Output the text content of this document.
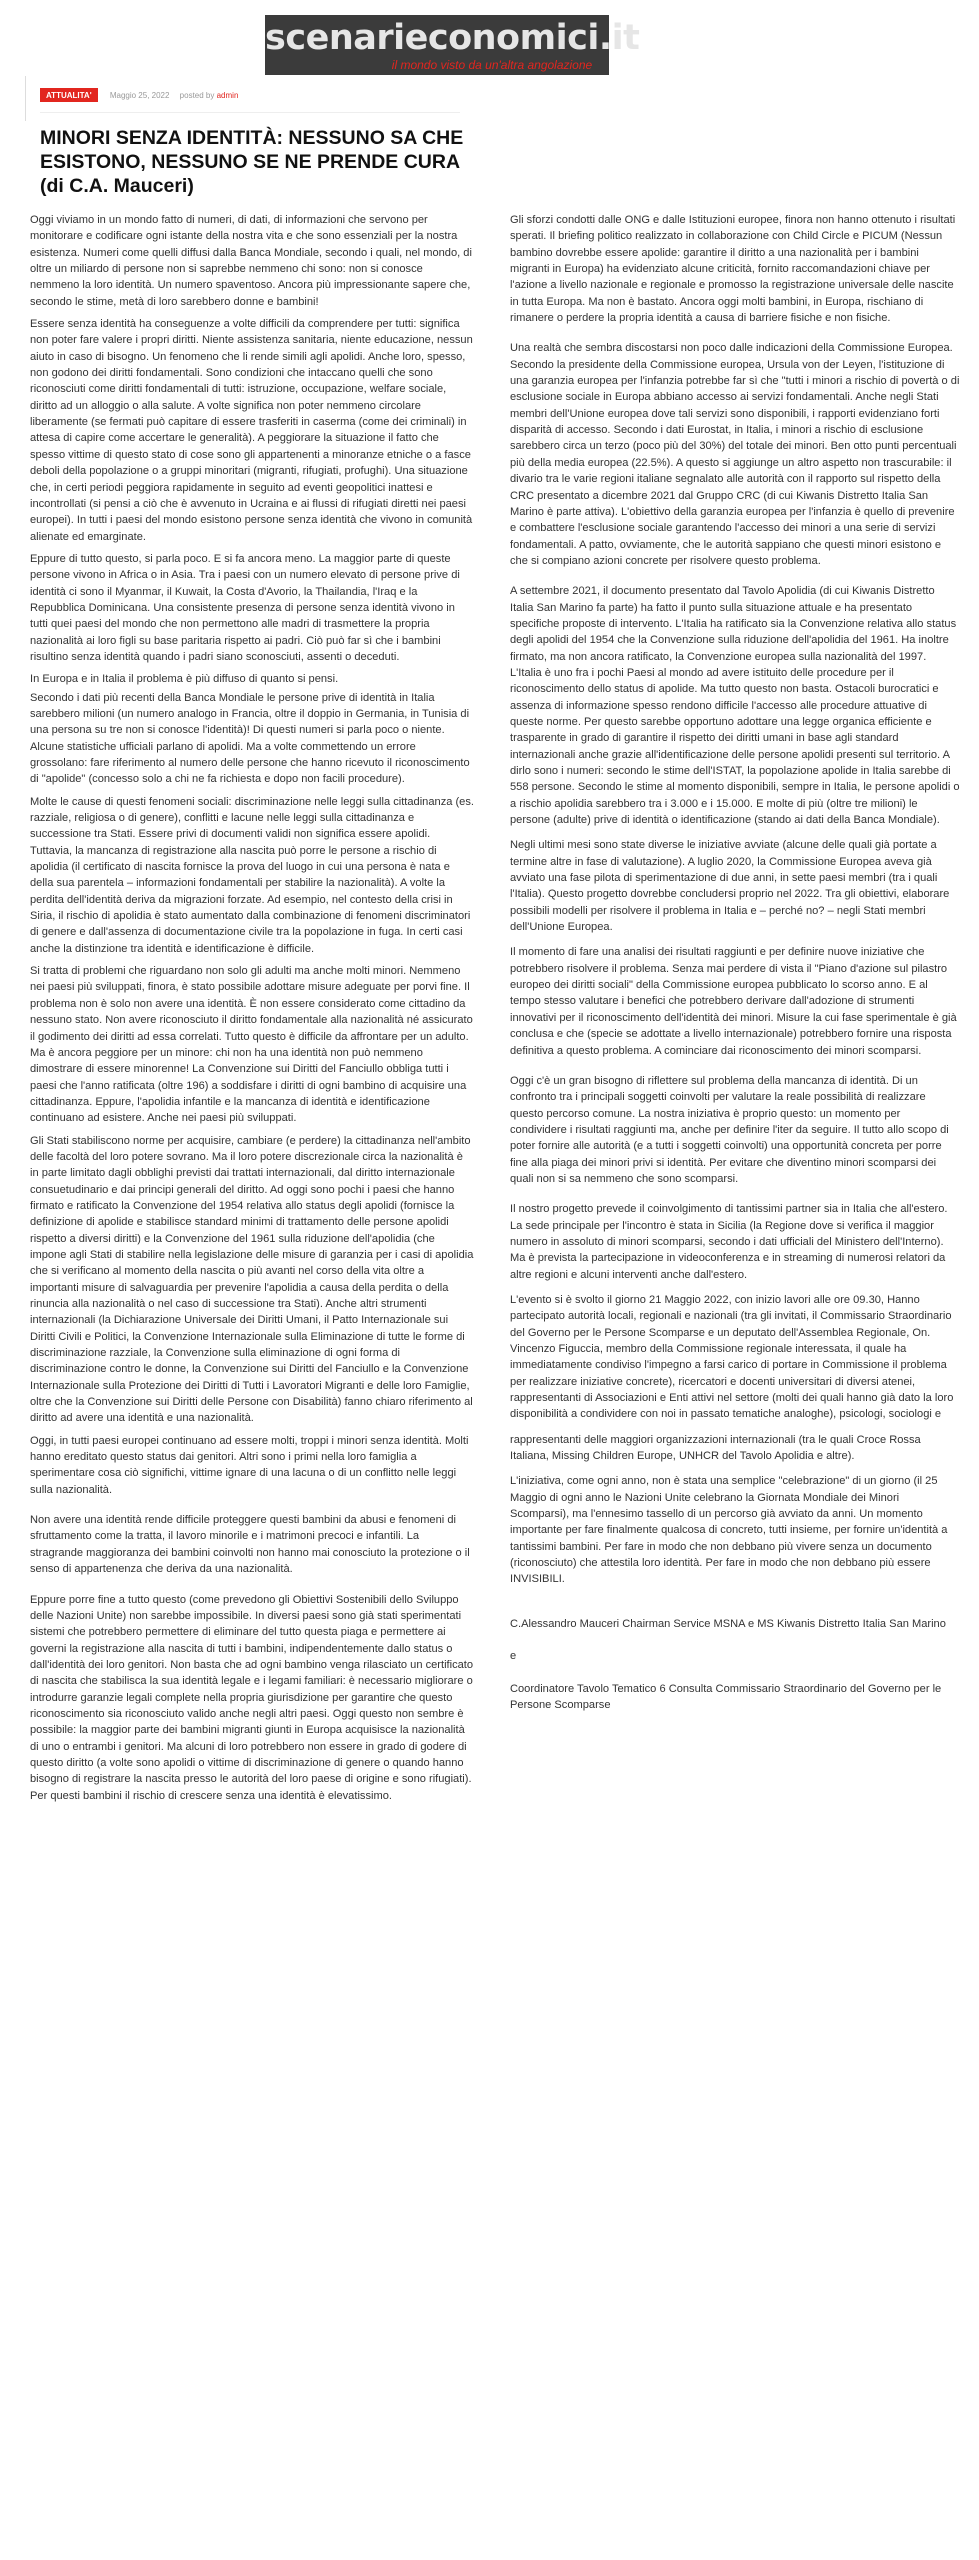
scenarieconomici.it
il mondo visto da un'altra angolazione
ATTUALITA' Maggio 25, 2022 posted by admin
MINORI SENZA IDENTITÀ: NESSUNO SA CHE ESISTONO, NESSUNO SE NE PRENDE CURA (di C.A. Mauceri)

Oggi viviamo in un mondo fatto di numeri, di dati, di informazioni che servono per monitorare e codificare ogni istante della nostra vita e che sono essenziali per la nostra esistenza. Numeri come quelli diffusi dalla Banca Mondiale, secondo i quali, nel mondo, di oltre un miliardo di persone non si saprebbe nemmeno chi sono: non si conosce nemmeno la loro identità. Un numero spaventoso. Ancora più impressionante sapere che, secondo le stime, metà di loro sarebbero donne e bambini!

Essere senza identità ha conseguenze a volte difficili da comprendere per tutti: significa non poter fare valere i propri diritti. Niente assistenza sanitaria, niente educazione, nessun aiuto in caso di bisogno. Un fenomeno che li rende simili agli apolidi. Anche loro, spesso, non godono dei diritti fondamentali. Sono condizioni che intaccano quelli che sono riconosciuti come diritti fondamentali di tutti: istruzione, occupazione, welfare sociale, diritto ad un alloggio o alla salute. A volte significa non poter nemmeno circolare liberamente (se fermati può capitare di essere trasferiti in caserma (come dei criminali) in attesa di capire come accertare le generalità). A peggiorare la situazione il fatto che spesso vittime di questo stato di cose sono gli appartenenti a minoranze etniche o a fasce deboli della popolazione o a gruppi minoritari (migranti, rifugiati, profughi). Una situazione che, in certi periodi peggiora rapidamente in seguito ad eventi geopolitici inattesi e incontrollati (si pensi a ciò che è avvenuto in Ucraina e ai flussi di rifugiati diretti nei paesi europei). In tutti i paesi del mondo esistono persone senza identità che vivono in comunità alienate ed emarginate.

Eppure di tutto questo, si parla poco. E si fa ancora meno. La maggior parte di queste persone vivono in Africa o in Asia. Tra i paesi con un numero elevato di persone prive di identità ci sono il Myanmar, il Kuwait, la Costa d'Avorio, la Thailandia, l'Iraq e la Repubblica Dominicana. Una consistente presenza di persone senza identità vivono in tutti quei paesi del mondo che non permettono alle madri di trasmettere la propria nazionalità ai loro figli su base paritaria rispetto ai padri. Ciò può far sì che i bambini risultino senza identità quando i padri siano sconosciuti, assenti o deceduti.

In Europa e in Italia il problema è più diffuso di quanto si pensi.

Secondo i dati più recenti della Banca Mondiale le persone prive di identità in Italia sarebbero milioni (un numero analogo in Francia, oltre il doppio in Germania, in Tunisia di una persona su tre non si conosce l'identità)! Di questi numeri si parla poco o niente. Alcune statistiche ufficiali parlano di apolidi. Ma a volte commettendo un errore grossolano: fare riferimento al numero delle persone che hanno ricevuto il riconoscimento di "apolide" (concesso solo a chi ne fa richiesta e dopo non facili procedure).

Molte le cause di questi fenomeni sociali: discriminazione nelle leggi sulla cittadinanza (es. razziale, religiosa o di genere), conflitti e lacune nelle leggi sulla cittadinanza e successione tra Stati. Essere privi di documenti validi non significa essere apolidi. Tuttavia, la mancanza di registrazione alla nascita può porre le persone a rischio di apolidia (il certificato di nascita fornisce la prova del luogo in cui una persona è nata e della sua parentela – informazioni fondamentali per stabilire la nazionalità). A volte la perdita dell'identità deriva da migrazioni forzate. Ad esempio, nel contesto della crisi in Siria, il rischio di apolidia è stato aumentato dalla combinazione di fenomeni discriminatori di genere e dall'assenza di documentazione civile tra la popolazione in fuga. In certi casi anche la distinzione tra identità e identificazione è difficile.

Si tratta di problemi che riguardano non solo gli adulti ma anche molti minori. Nemmeno nei paesi più sviluppati, finora, è stato possibile adottare misure adeguate per porvi fine. Il problema non è solo non avere una identità. È non essere considerato come cittadino da nessuno stato. Non avere riconosciuto il diritto fondamentale alla nazionalità né assicurato il godimento dei diritti ad essa correlati. Tutto questo è difficile da affrontare per un adulto. Ma è ancora peggiore per un minore: chi non ha una identità non può nemmeno dimostrare di essere minorenne! La Convenzione sui Diritti del Fanciullo obbliga tutti i paesi che l'anno ratificata (oltre 196) a soddisfare i diritti di ogni bambino di acquisire una cittadinanza. Eppure, l'apolidia infantile e la mancanza di identità e identificazione continuano ad esistere. Anche nei paesi più sviluppati.

Gli Stati stabiliscono norme per acquisire, cambiare (e perdere) la cittadinanza nell'ambito delle facoltà del loro potere sovrano. Ma il loro potere discrezionale circa la nazionalità è in parte limitato dagli obblighi previsti dai trattati internazionali, dal diritto internazionale consuetudinario e dai principi generali del diritto. Ad oggi sono pochi i paesi che hanno firmato e ratificato la Convenzione del 1954 relativa allo status degli apolidi (fornisce la definizione di apolide e stabilisce standard minimi di trattamento delle persone apolidi rispetto a diversi diritti) e la Convenzione del 1961 sulla riduzione dell'apolidia (che impone agli Stati di stabilire nella legislazione delle misure di garanzia per i casi di apolidia che si verificano al momento della nascita o più avanti nel corso della vita oltre a importanti misure di salvaguardia per prevenire l'apolidia a causa della perdita o della rinuncia alla nazionalità o nel caso di successione tra Stati). Anche altri strumenti internazionali (la Dichiarazione Universale dei Diritti Umani, il Patto Internazionale sui Diritti Civili e Politici, la Convenzione Internazionale sulla Eliminazione di tutte le forme di discriminazione razziale, la Convenzione sulla eliminazione di ogni forma di discriminazione contro le donne, la Convenzione sui Diritti del Fanciullo e la Convenzione Internazionale sulla Protezione dei Diritti di Tutti i Lavoratori Migranti e delle loro Famiglie, oltre che la Convenzione sui Diritti delle Persone con Disabilità) fanno chiaro riferimento al diritto ad avere una identità e una nazionalità.

Oggi, in tutti paesi europei continuano ad essere molti, troppi i minori senza identità. Molti hanno ereditato questo status dai genitori. Altri sono i primi nella loro famiglia a sperimentare cosa ciò significhi, vittime ignare di una lacuna o di un conflitto nelle leggi sulla nazionalità.

Non avere una identità rende difficile proteggere questi bambini da abusi e fenomeni di sfruttamento come la tratta, il lavoro minorile e i matrimoni precoci e infantili. La stragrande maggioranza dei bambini coinvolti non hanno mai conosciuto la protezione o il senso di appartenenza che deriva da una nazionalità.

Eppure porre fine a tutto questo (come prevedono gli Obiettivi Sostenibili dello Sviluppo delle Nazioni Unite) non sarebbe impossibile. In diversi paesi sono già stati sperimentati sistemi che potrebbero permettere di eliminare del tutto questa piaga e permettere ai governi la registrazione alla nascita di tutti i bambini, indipendentemente dallo status o dall'identità dei loro genitori. Non basta che ad ogni bambino venga rilasciato un certificato di nascita che stabilisca la sua identità legale e i legami familiari: è necessario migliorare o introdurre garanzie legali complete nella propria giurisdizione per garantire che questo riconoscimento sia riconosciuto valido anche negli altri paesi. Oggi questo non sembre è possibile: la maggior parte dei bambini migranti giunti in Europa acquisisce la nazionalità di uno o entrambi i genitori. Ma alcuni di loro potrebbero non essere in grado di godere di questo diritto (a volte sono apolidi o vittime di discriminazione di genere o quando hanno bisogno di registrare la nascita presso le autorità del loro paese di origine e sono rifugiati). Per questi bambini il rischio di crescere senza una identità è elevatissimo.

Gli sforzi condotti dalle ONG e dalle Istituzioni europee, finora non hanno ottenuto i risultati sperati. Il briefing politico realizzato in collaborazione con Child Circle e PICUM (Nessun bambino dovrebbe essere apolide: garantire il diritto a una nazionalità per i bambini migranti in Europa) ha evidenziato alcune criticità, fornito raccomandazioni chiave per l'azione a livello nazionale e regionale e promosso la registrazione universale delle nascite in tutta Europa. Ma non è bastato. Ancora oggi molti bambini, in Europa, rischiano di rimanere o perdere la propria identità a causa di barriere fisiche e non fisiche.

Una realtà che sembra discostarsi non poco dalle indicazioni della Commissione Europea. Secondo la presidente della Commissione europea, Ursula von der Leyen, l'istituzione di una garanzia europea per l'infanzia potrebbe far sì che "tutti i minori a rischio di povertà o di esclusione sociale in Europa abbiano accesso ai servizi fondamentali. Anche negli Stati membri dell'Unione europea dove tali servizi sono disponibili, i rapporti evidenziano forti disparità di accesso. Secondo i dati Eurostat, in Italia, i minori a rischio di esclusione sarebbero circa un terzo (poco più del 30%) del totale dei minori. Ben otto punti percentuali più della media europea (22.5%). A questo si aggiunge un altro aspetto non trascurabile: il divario tra le varie regioni italiane segnalato alle autorità con il rapporto sul rispetto della CRC presentato a dicembre 2021 dal Gruppo CRC (di cui Kiwanis Distretto Italia San Marino è parte attiva). L'obiettivo della garanzia europea per l'infanzia è quello di prevenire e combattere l'esclusione sociale garantendo l'accesso dei minori a una serie di servizi fondamentali. A patto, ovviamente, che le autorità sappiano che questi minori esistono e che si compiano azioni concrete per risolvere questo problema.

A settembre 2021, il documento presentato dal Tavolo Apolidia (di cui Kiwanis Distretto Italia San Marino fa parte) ha fatto il punto sulla situazione attuale e ha presentato specifiche proposte di intervento. L'Italia ha ratificato sia la Convenzione relativa allo status degli apolidi del 1954 che la Convenzione sulla riduzione dell'apolidia del 1961. Ha inoltre firmato, ma non ancora ratificato, la Convenzione europea sulla nazionalità del 1997. L'Italia è uno fra i pochi Paesi al mondo ad avere istituito delle procedure per il riconoscimento dello status di apolide. Ma tutto questo non basta. Ostacoli burocratici e assenza di informazione spesso rendono difficile l'accesso alle procedure attuative di queste norme. Per questo sarebbe opportuno adottare una legge organica efficiente e trasparente in grado di garantire il rispetto dei diritti umani in base agli standard internazionali anche grazie all'identificazione delle persone apolidi presenti sul territorio. A dirlo sono i numeri: secondo le stime dell'ISTAT, la popolazione apolide in Italia sarebbe di 558 persone. Secondo le stime al momento disponibili, sempre in Italia, le persone apolidi o a rischio apolidia sarebbero tra i 3.000 e i 15.000. E molte di più (oltre tre milioni) le persone (adulte) prive di identità o identificazione (stando ai dati della Banca Mondiale).

Negli ultimi mesi sono state diverse le iniziative avviate (alcune delle quali già portate a termine altre in fase di valutazione). A luglio 2020, la Commissione Europea aveva già avviato una fase pilota di sperimentazione di due anni, in sette paesi membri (tra i quali l'Italia). Questo progetto dovrebbe concludersi proprio nel 2022. Tra gli obiettivi, elaborare possibili modelli per risolvere il problema in Italia e – perché no? – negli Stati membri dell'Unione Europea.

Il momento di fare una analisi dei risultati raggiunti e per definire nuove iniziative che potrebbero risolvere il problema. Senza mai perdere di vista il "Piano d'azione sul pilastro europeo dei diritti sociali" della Commissione europea pubblicato lo scorso anno. E al tempo stesso valutare i benefici che potrebbero derivare dall'adozione di strumenti innovativi per il riconoscimento dell'identità dei minori. Misure la cui fase sperimentale è già conclusa e che (specie se adottate a livello internazionale) potrebbero fornire una risposta definitiva a questo problema. A cominciare dai riconoscimento dei minori scomparsi.

Oggi c'è un gran bisogno di riflettere sul problema della mancanza di identità. Di un confronto tra i principali soggetti coinvolti per valutare la reale possibilità di realizzare questo percorso comune. La nostra iniziativa è proprio questo: un momento per condividere i risultati raggiunti ma, anche per definire l'iter da seguire. Il tutto allo scopo di poter fornire alle autorità (e a tutti i soggetti coinvolti) una opportunità concreta per porre fine alla piaga dei minori privi si identità. Per evitare che diventino minori scomparsi dei quali non si sa nemmeno che sono scomparsi.

Il nostro progetto prevede il coinvolgimento di tantissimi partner sia in Italia che all'estero. La sede principale per l'incontro è stata in Sicilia (la Regione dove si verifica il maggior numero in assoluto di minori scomparsi, secondo i dati ufficiali del Ministero dell'Interno). Ma è prevista la partecipazione in videoconferenza e in streaming di numerosi relatori da altre regioni e alcuni interventi anche dall'estero.

L'evento si è svolto il giorno 21 Maggio 2022, con inizio lavori alle ore 09.30, Hanno partecipato autorità locali, regionali e nazionali (tra gli invitati, il Commissario Straordinario del Governo per le Persone Scomparse e un deputato dell'Assemblea Regionale, On. Vincenzo Figuccia, membro della Commissione regionale interessata, il quale ha immediatamente condiviso l'impegno a farsi carico di portare in Commissione il problema per realizzare iniziative concrete), ricercatori e docenti universitari di diversi atenei, rappresentanti di Associazioni e Enti attivi nel settore (molti dei quali hanno già dato la loro disponibilità a condividere con noi in passato tematiche analoghe), psicologi, sociologi e

rappresentanti delle maggiori organizzazioni internazionali (tra le quali Croce Rossa Italiana, Missing Children Europe, UNHCR del Tavolo Apolidia e altre).

L'iniziativa, come ogni anno, non è stata una semplice "celebrazione" di un giorno (il 25 Maggio di ogni anno le Nazioni Unite celebrano la Giornata Mondiale dei Minori Scomparsi), ma l'ennesimo tassello di un percorso già avviato da anni. Un momento importante per fare finalmente qualcosa di concreto, tutti insieme, per fornire un'identità a tantissimi bambini. Per fare in modo che non debbano più vivere senza un documento (riconosciuto) che attestila loro identità. Per fare in modo che non debbano più essere INVISIBILI.

C.Alessandro Mauceri Chairman Service MSNA e MS Kiwanis Distretto Italia San Marino

e

Coordinatore Tavolo Tematico 6 Consulta Commissario Straordinario del Governo per le Persone Scomparse
